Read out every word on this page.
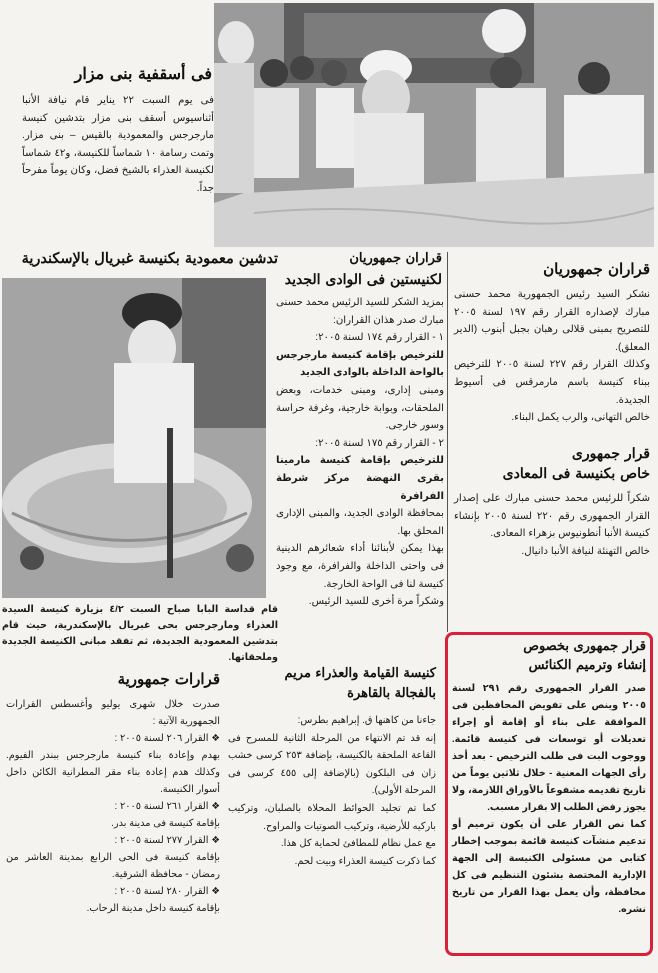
فى أسقفية بنى مزار
فى يوم السبت ٢٢ يناير قام نيافة الأنبا أثناسيوس أسقف بنى مزار بتدشين كنيسة مارجرجس والمعمودية بالقيس – بنى مزار. وتمت رسامة ١٠ شماساً للكنيسة، و٤٢ شماساً لكنيسة العذراء بالشيخ فضل، وكان يوماً مفرحاً جداً.
تدشين معمودية بكنيسة غبريال بالإسكندرية
قام قداسة البابا صباح السبت ٤/٢ بزيارة كنيسة السيدة العذراء ومارجرجس بحى غبريال بالإسكندرية، حيث قام بتدشين المعمودية الجديدة، ثم تفقد مبانى الكنيسة الجديدة وملحقاتها.
قراران جمهوريان
لكنيستين فى الوادى الجديد

بمزيد الشكر للسيد الرئيس محمد حسنى مبارك صدر هذان القراران:

١ - القرار رقم ١٧٤ لسنة ٢٠٠٥:

للترخيص بإقامة كنيسة مارجرجس بالواحة الداخلة بالوادى الجديد

ومبنى إدارى، ومبنى خدمات، وبعض الملحقات، وبوابة خارجية، وغرفة حراسة وسور خارجى.

٢ - القرار رقم ١٧٥ لسنة ٢٠٠٥:

للترخيص بإقامة كنيسة مارمينا بقرى النهضة مركز شرطة الفرافرة

بمحافظة الوادى الجديد، والمبنى الإدارى المحلق بها.

بهذا يمكن لأبنائنا أداء شعائرهم الدينية فى واحتى الداخلة والفرافرة، مع وجود كنيسة لنا فى الواحة الخارجة.

وشكراً مرة أخرى للسيد الرئيس.

قراران جمهوريان

نشكر السيد رئيس الجمهورية محمد حسنى مبارك لإصداره القرار رقم ١٩٧ لسنة ٢٠٠٥ للتصريح بمبنى قلالى رهبان بجبل أبنوب (الدير المعلق).

وكذلك القرار رقم ٢٢٧ لسنة ٢٠٠٥ للترخيص ببناء كنيسة باسم مارمرقس فى أسيوط الجديدة.

خالص التهانى، والرب يكمل البناء.

قرار جمهورى
خاص بكنيسة فى المعادى

شكراً للرئيس محمد حسنى مبارك على إصدار القرار الجمهورى رقم ٢٢٠ لسنة ٢٠٠٥ بإنشاء كنيسة الأنبا أنطونيوس بزهراء المعادى.

خالص التهنئة لنيافة الأنبا دانيال.

قرار جمهورى بخصوص
إنشاء وترميم الكنائس

صدر القرار الجمهورى رقم ٢٩١ لسنة ٢٠٠٥ وينص على تفويض المحافظين فى الموافقة على بناء أو إقامة أو إجراء تعديلات أو توسعات فى كنيسة قائمة. ووجوب البت فى طلب الترخيص - بعد أخذ رأى الجهات المعنية - خلال ثلاثين يوماً من تاريخ تقديمه مشفوعاً بالأوراق اللازمة، ولا يجوز رفض الطلب إلا بقرار مسبب.

كما نص القرار على أن يكون ترميم أو تدعيم منشآت كنيسة قائمة بموجب إخطار كتابى من مسئولى الكنيسة إلى الجهة الإدارية المختصة بشئون التنظيم فى كل محافظة، وأن يعمل بهذا القرار من تاريخ نشره.

كنيسة القيامة والعذراء مريم
بالفجالة بالقاهرة

جاءنا من كاهنها ق. إبراهيم بطرس:

إنه قد تم الانتهاء من المرحلة الثانية للمسرح فى القاعة الملحقة بالكنيسة، بإضافة ٢٥٣ كرسى خشب زان فى البلكون (بالإضافة إلى ٤٥٥ كرسى فى المرحلة الأولى).

كما تم تجليد الحوائط المحلاة بالصلبان، وتركيب باركيه للأرضية، وتركيب الصوتيات والمراوح.

مع عمل نظام للمطافئ لحماية كل هذا.

كما ذكرت كنيسة العذراء وبيت لحم.

قرارات جمهورية

صدرت خلال شهرى يوليو وأغسطس القرارات الجمهورية الآتية :

❖ القرار ٢٠٦ لسنة ٢٠٠٥ :

بهدم وإعادة بناء كنيسة مارجرجس ببندر الفيوم. وكذلك هدم إعادة بناء مقر المطرانية الكائن داخل أسوار الكنيسة.

❖ القرار ٢٦١ لسنة ٢٠٠٥ :

بإقامة كنيسة فى مدينة بدر.

❖ القرار ٢٧٧ لسنة ٢٠٠٥ :

بإقامة كنيسة فى الحى الرابع بمدينة العاشر من رمضان - محافظة الشرقية.

❖ القرار ٢٨٠ لسنة ٢٠٠٥ :

بإقامة كنيسة داخل مدينة الرحاب.
